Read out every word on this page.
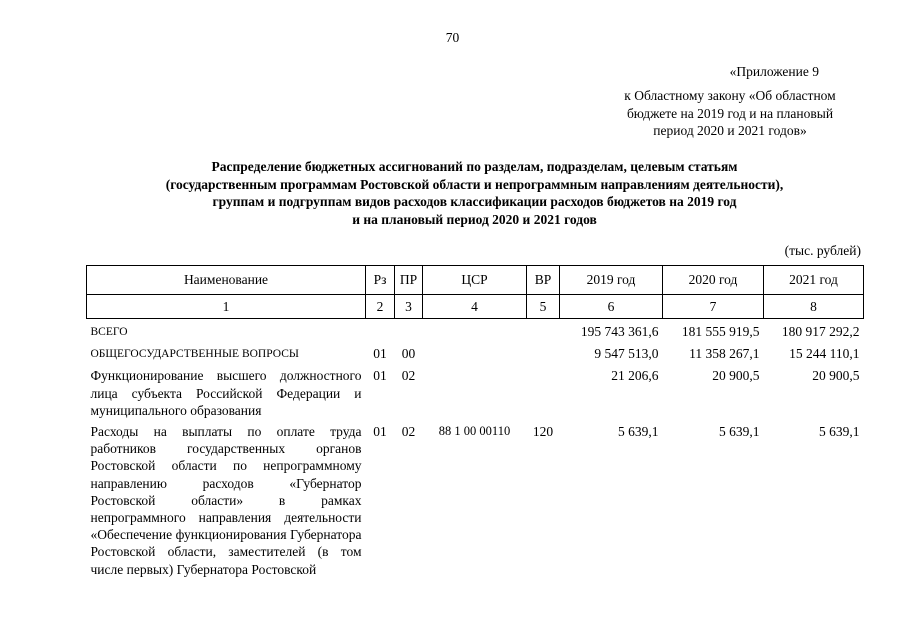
70
«Приложение 9
к Областному закону «Об областном
бюджете на 2019 год и на плановый
период 2020 и 2021 годов»
Распределение бюджетных ассигнований по разделам, подразделам, целевым статьям
(государственным программам Ростовской области и непрограммным направлениям деятельности),
группам и подгруппам видов расходов классификации расходов бюджетов на 2019 год
и на плановый период 2020 и 2021 годов
(тыс. рублей)
Наименование	Рз	ПР	ЦСР	ВР	2019 год	2020 год	2021 год
1	2	3	4	5	6	7	8
ВСЕГО					195 743 361,6	181 555 919,5	180 917 292,2
ОБЩЕГОСУДАРСТВЕННЫЕ ВОПРОСЫ	01	00			9 547 513,0	11 358 267,1	15 244 110,1
Функционирование высшего должностного лица субъекта Российской Федерации и муниципального образования	01	02			21 206,6	20 900,5	20 900,5
Расходы на выплаты по оплате труда работников государственных органов Ростовской области по непрограммному направлению расходов «Губернатор Ростовской области» в рамках непрограммного направления деятельности «Обеспечение функционирования Губернатора Ростовской области, заместителей (в том числе первых) Губернатора Ростовской	01	02	88 1 00 00110	120	5 639,1	5 639,1	5 639,1
